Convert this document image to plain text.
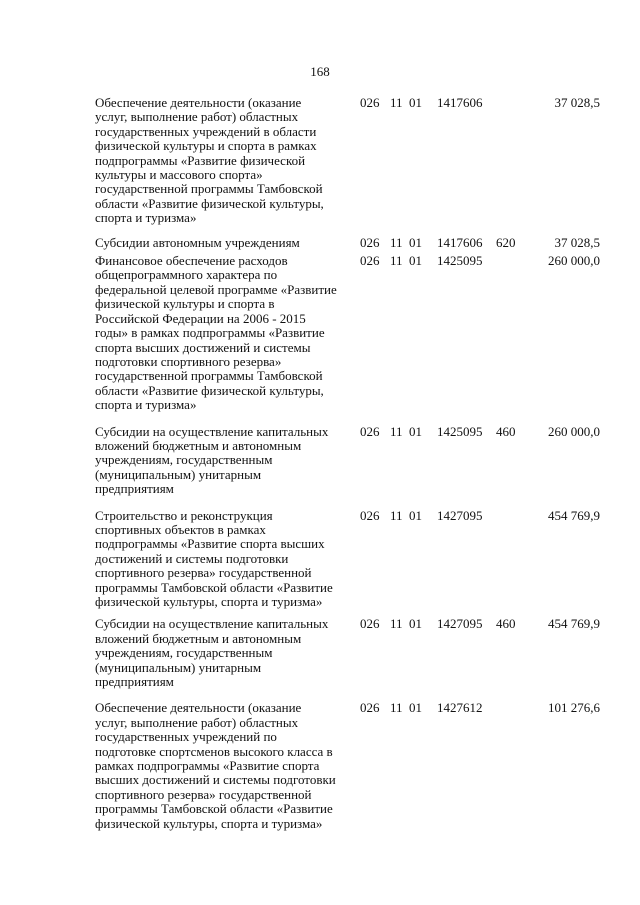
168
Обеспечение деятельности (оказание
услуг, выполнение работ) областных
государственных учреждений в области
физической культуры и спорта в рамках
подпрограммы «Развитие физической
культуры и массового спорта»
государственной программы Тамбовской
области «Развитие физической культуры,
спорта и туризма»
026 11 01 1417606	37 028,5
Субсидии автономным учреждениям	026 11 01 1417606 620	37 028,5
Финансовое обеспечение расходов
общепрограммного характера по
федеральной целевой программе «Развитие
физической культуры и спорта в
Российской Федерации на 2006 - 2015
годы» в рамках подпрограммы «Развитие
спорта высших достижений и системы
подготовки спортивного резерва»
государственной программы Тамбовской
области «Развитие физической культуры,
спорта и туризма»
026 11 01 1425095	260 000,0
Субсидии на осуществление капитальных
вложений бюджетным и автономным
учреждениям, государственным
(муниципальным) унитарным
предприятиям
026 11 01 1425095 460	260 000,0
Строительство и реконструкция
спортивных объектов в рамках
подпрограммы «Развитие спорта высших
достижений и системы подготовки
спортивного резерва» государственной
программы Тамбовской области «Развитие
физической культуры, спорта и туризма»
026 11 01 1427095	454 769,9
Субсидии на осуществление капитальных
вложений бюджетным и автономным
учреждениям, государственным
(муниципальным) унитарным
предприятиям
026 11 01 1427095 460	454 769,9
Обеспечение деятельности (оказание
услуг, выполнение работ) областных
государственных учреждений по
подготовке спортсменов высокого класса в
рамках подпрограммы «Развитие спорта
высших достижений и системы подготовки
спортивного резерва» государственной
программы Тамбовской области «Развитие
физической культуры, спорта и туризма»
026 11 01 1427612	101 276,6
